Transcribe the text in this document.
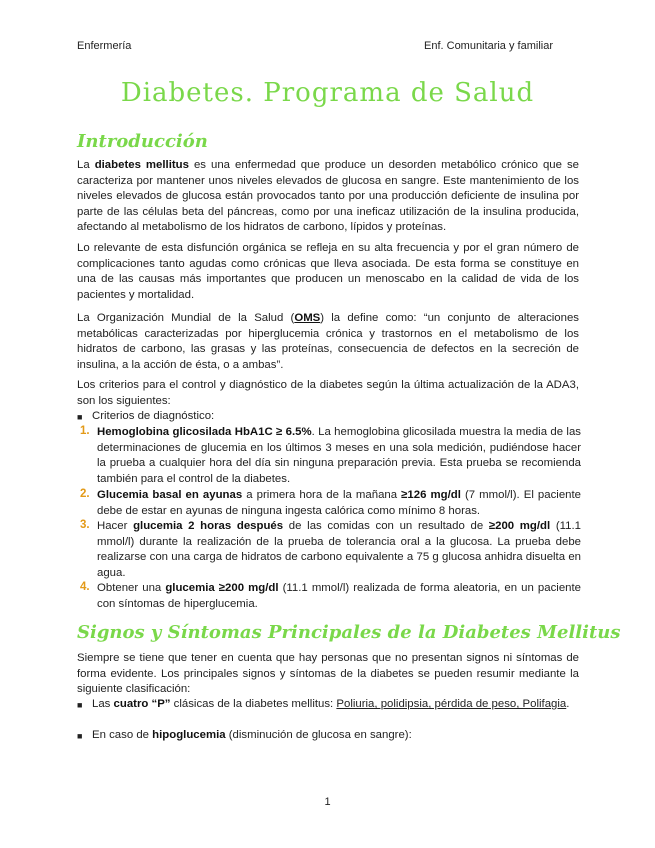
Enfermería	Enf. Comunitaria y familiar
Diabetes. Programa de Salud
Introducción
La diabetes mellitus es una enfermedad que produce un desorden metabólico crónico que se caracteriza por mantener unos niveles elevados de glucosa en sangre. Este mantenimiento de los niveles elevados de glucosa están provocados tanto por una producción deficiente de insulina por parte de las células beta del páncreas, como por una ineficaz utilización de la insulina producida, afectando al metabolismo de los hidratos de carbono, lípidos y proteínas.
Lo relevante de esta disfunción orgánica se refleja en su alta frecuencia y por el gran número de complicaciones tanto agudas como crónicas que lleva asociada. De esta forma se constituye en una de las causas más importantes que producen un menoscabo en la calidad de vida de los pacientes y mortalidad.
La Organización Mundial de la Salud (OMS) la define como: “un conjunto de alteraciones metabólicas caracterizadas por hiperglucemia crónica y trastornos en el metabolismo de los hidratos de carbono, las grasas y las proteínas, consecuencia de defectos en la secreción de insulina, a la acción de ésta, o a ambas”.
Los criterios para el control y diagnóstico de la diabetes según la última actualización de la ADA3, son los siguientes:
■ Criterios de diagnóstico:
1. Hemoglobina glicosilada HbA1C ≥ 6.5%. La hemoglobina glicosilada muestra la media de las determinaciones de glucemia en los últimos 3 meses en una sola medición, pudiéndose hacer la prueba a cualquier hora del día sin ninguna preparación previa. Esta prueba se recomienda también para el control de la diabetes.
2. Glucemia basal en ayunas a primera hora de la mañana ≥126 mg/dl (7 mmol/l). El paciente debe de estar en ayunas de ninguna ingesta calórica como mínimo 8 horas.
3. Hacer glucemia 2 horas después de las comidas con un resultado de ≥200 mg/dl (11.1 mmol/l) durante la realización de la prueba de tolerancia oral a la glucosa. La prueba debe realizarse con una carga de hidratos de carbono equivalente a 75 g glucosa anhidra disuelta en agua.
4. Obtener una glucemia ≥200 mg/dl (11.1 mmol/l) realizada de forma aleatoria, en un paciente con síntomas de hiperglucemia.
Signos y Síntomas Principales de la Diabetes Mellitus
Siempre se tiene que tener en cuenta que hay personas que no presentan signos ni síntomas de forma evidente. Los principales signos y síntomas de la diabetes se pueden resumir mediante la siguiente clasificación:
■ Las cuatro “P” clásicas de la diabetes mellitus: Poliuria, polidipsia, pérdida de peso, Polifagia.
■ En caso de hipoglucemia (disminución de glucosa en sangre):
1
